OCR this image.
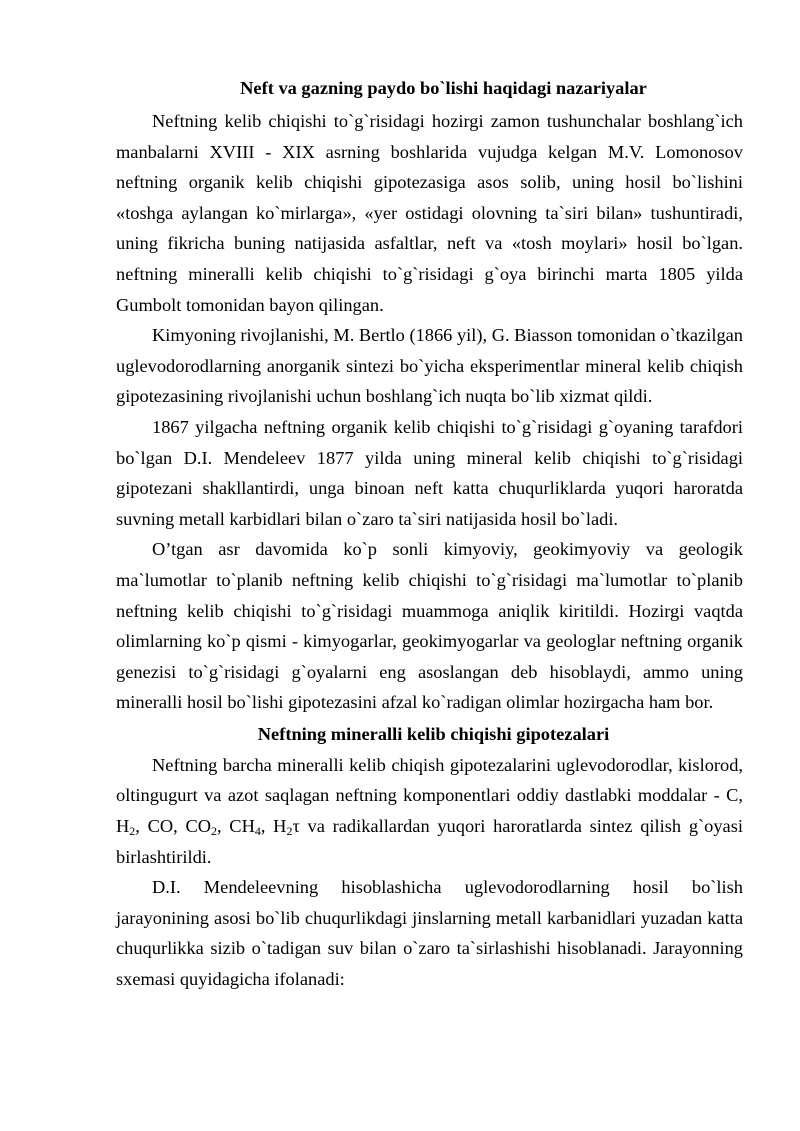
Neft va gazning paydo bo`lishi haqidagi nazariyalar

Neftning kelib chiqishi to`g`risidagi hozirgi zamon tushunchalar boshlang`ich manbalarni XVIII - XIX asrning boshlarida vujudga kelgan M.V. Lomonosov neftning organik kelib chiqishi gipotezasiga asos solib, uning hosil bo`lishini «toshga aylangan ko`mirlarga», «yer ostidagi olovning ta`siri bilan» tushuntiradi, uning fikricha buning natijasida asfaltlar, neft va «tosh moylari» hosil bo`lgan. neftning mineralli kelib chiqishi to`g`risidagi g`oya birinchi marta 1805 yilda Gumbolt tomonidan bayon qilingan.

Kimyoning rivojlanishi, M. Bertlo (1866 yil), G. Biasson tomonidan o`tkazilgan uglevodorodlarning anorganik sintezi bo`yicha eksperimentlar mineral kelib chiqish gipotezasining rivojlanishi uchun boshlang`ich nuqta bo`lib xizmat qildi.

1867 yilgacha neftning organik kelib chiqishi to`g`risidagi g`oyaning tarafdori bo`lgan D.I. Mendeleev 1877 yilda uning mineral kelib chiqishi to`g`risidagi gipotezani shakllantirdi, unga binoan neft katta chuqurliklarda yuqori haroratda suvning metall karbidlari bilan o`zaro ta`siri natijasida hosil bo`ladi.

O’tgan asr davomida ko`p sonli kimyoviy, geokimyoviy va geologik ma`lumotlar to`planib neftning kelib chiqishi to`g`risidagi ma`lumotlar to`planib neftning kelib chiqishi to`g`risidagi muammoga aniqlik kiritildi. Hozirgi vaqtda olimlarning ko`p qismi - kimyogarlar, geokimyogarlar va geologlar neftning organik genezisi to`g`risidagi g`oyalarni eng asoslangan deb hisoblaydi, ammo uning mineralli hosil bo`lishi gipotezasini afzal ko`radigan olimlar hozirgacha ham bor.

Neftning mineralli kelib chiqishi gipotezalari

Neftning barcha mineralli kelib chiqish gipotezalarini uglevodorodlar, kislorod, oltingugurt va azot saqlagan neftning komponentlari oddiy dastlabki moddalar - C, $H_2$, CO, $CO_2$, $CH_4$, $H_2\tau$ va radikallardan yuqori haroratlarda sintez qilish g`oyasi birlashtirildi.

D.I. Mendeleevning hisoblashicha uglevodorodlarning hosil bo`lish jarayonining asosi bo`lib chuqurlikdagi jinslarning metall karbanidlari yuzadan katta chuqurlikka sizib o`tadigan suv bilan o`zaro ta`sirlashishi hisoblanadi. Jarayonning sxemasi quyidagicha ifolanadi:
